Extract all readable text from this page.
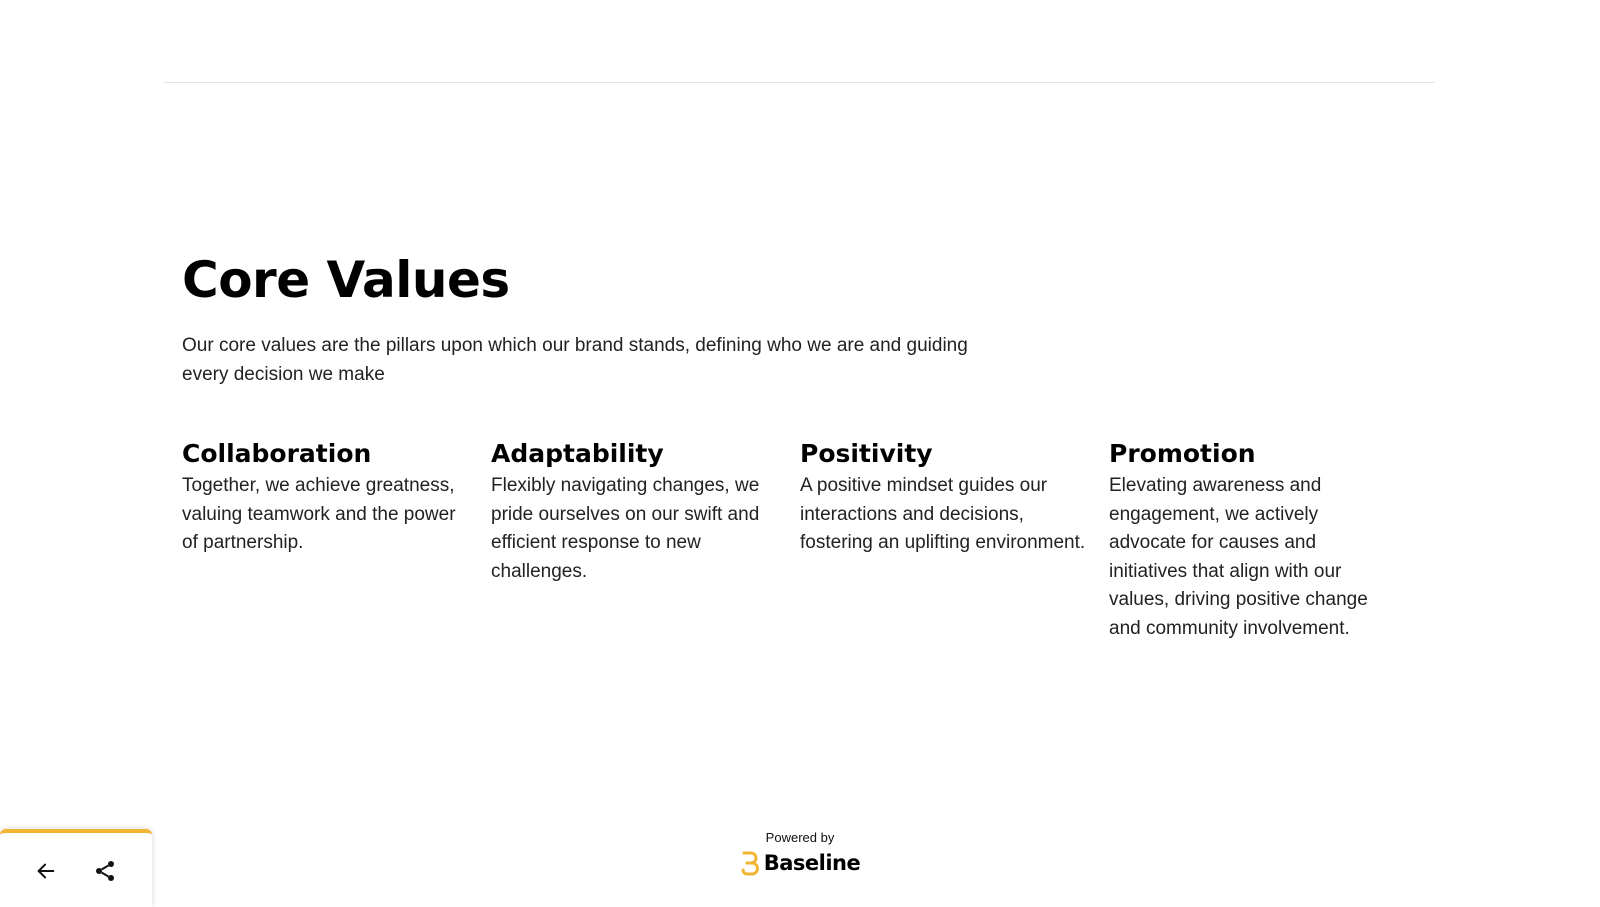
Core Values

Our core values are the pillars upon which our brand stands, defining who we are and guiding every decision we make

Collaboration

Together, we achieve greatness, valuing teamwork and the power of partnership.

Adaptability

Flexibly navigating changes, we pride ourselves on our swift and efficient response to new challenges.

Positivity

A positive mindset guides our interactions and decisions, fostering an uplifting environment.

Promotion

Elevating awareness and engagement, we actively advocate for causes and initiatives that align with our values, driving positive change and community involvement.

Powered by
Baseline
